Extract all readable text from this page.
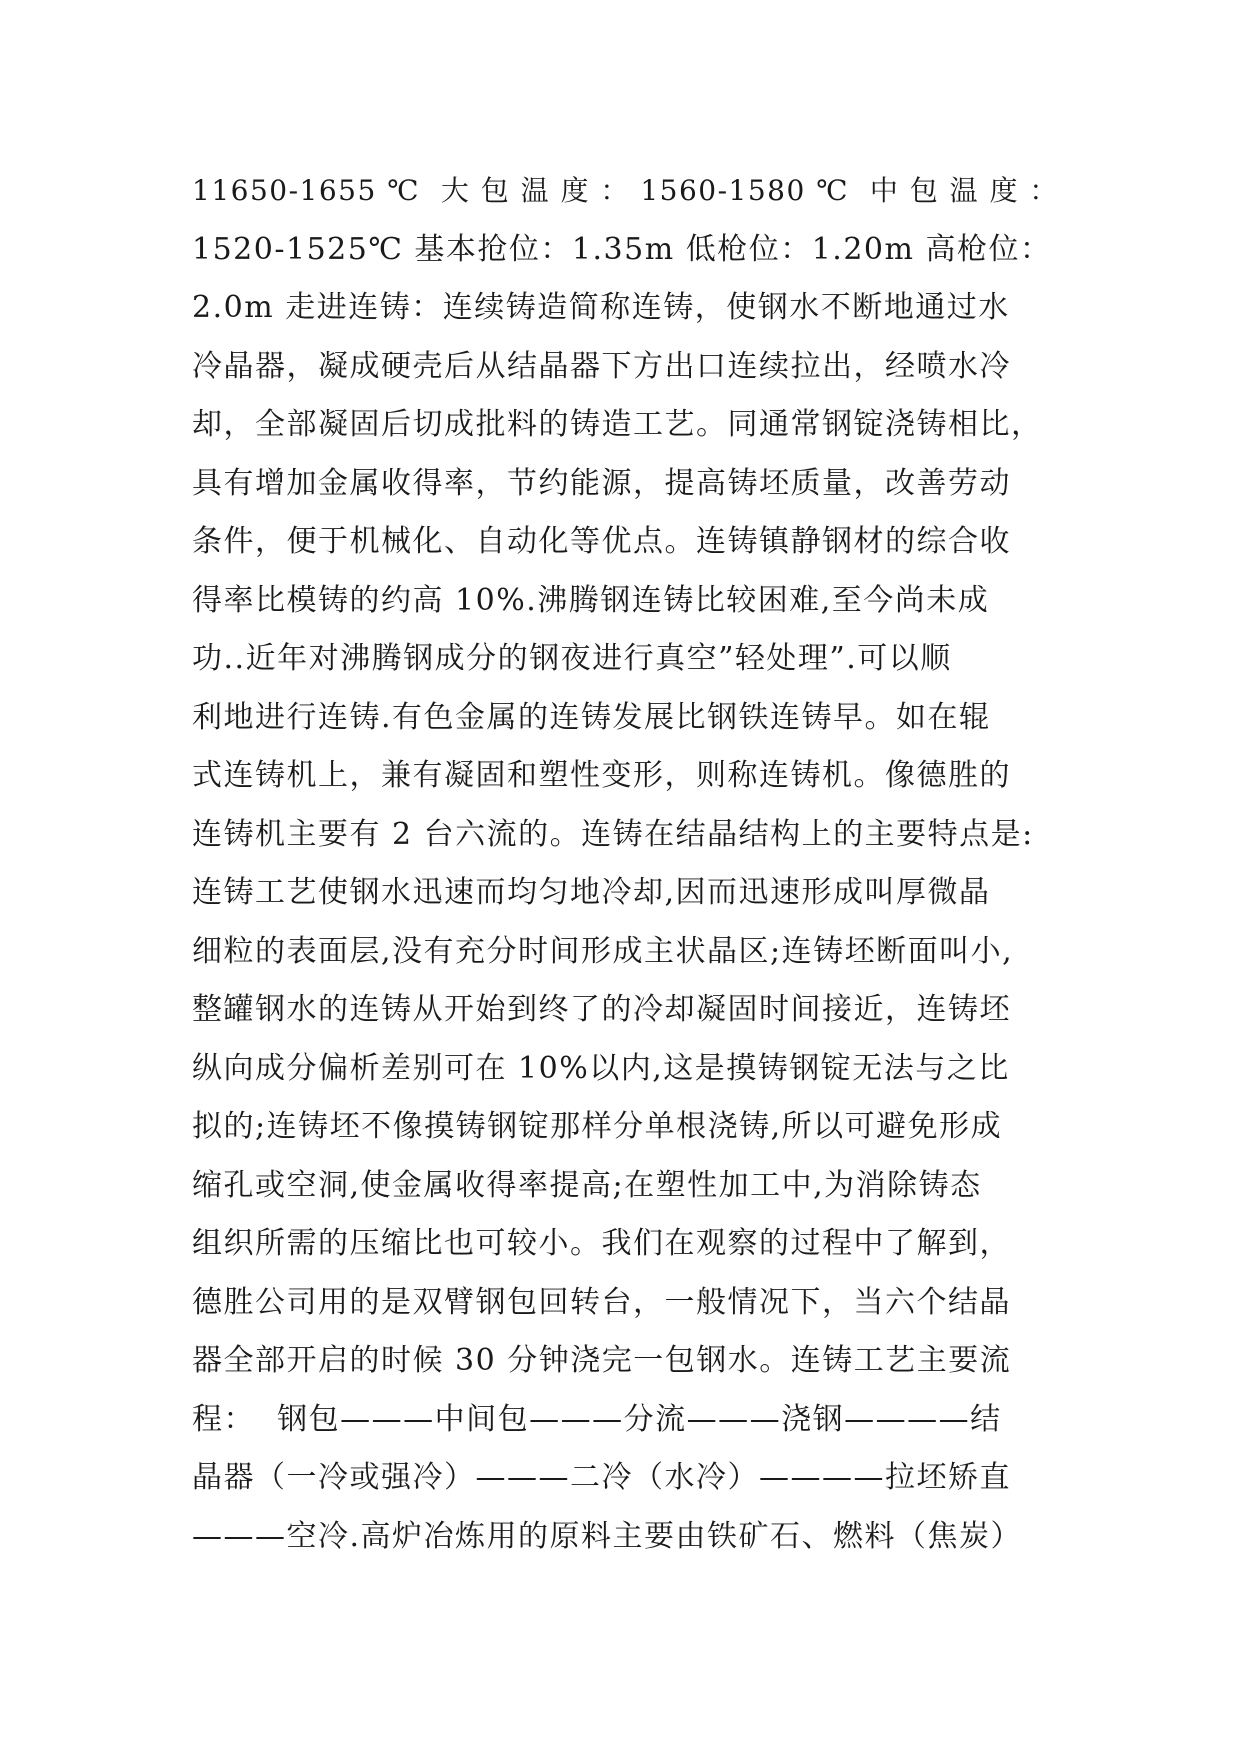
11650-1655 ℃  大 包 温 度 ： 1560-1580 ℃  中 包 温 度 ：
1520-1525℃ 基本抢位：1.35m 低枪位：1.20m 高枪位：
2.0m 走进连铸：连续铸造简称连铸，使钢水不断地通过水
冷晶器，凝成硬壳后从结晶器下方出口连续拉出，经喷水冷
却，全部凝固后切成批料的铸造工艺。同通常钢锭浇铸相比，
具有增加金属收得率，节约能源，提高铸坯质量，改善劳动
条件，便于机械化、自动化等优点。连铸镇静钢材的综合收
得率比模铸的约高 10%.沸腾钢连铸比较困难,至今尚未成
功..近年对沸腾钢成分的钢夜进行真空”轻处理”.可以顺
利地进行连铸.有色金属的连铸发展比钢铁连铸早。如在辊
式连铸机上，兼有凝固和塑性变形，则称连铸机。像德胜的
连铸机主要有 2 台六流的。连铸在结晶结构上的主要特点是:
连铸工艺使钢水迅速而均匀地冷却,因而迅速形成叫厚微晶
细粒的表面层,没有充分时间形成主状晶区;连铸坯断面叫小,
整罐钢水的连铸从开始到终了的冷却凝固时间接近，连铸坯
纵向成分偏析差别可在 10%以内,这是摸铸钢锭无法与之比
拟的;连铸坯不像摸铸钢锭那样分单根浇铸,所以可避免形成
缩孔或空洞,使金属收得率提高;在塑性加工中,为消除铸态
组织所需的压缩比也可较小。我们在观察的过程中了解到，
德胜公司用的是双臂钢包回转台，一般情况下，当六个结晶
器全部开启的时候 30 分钟浇完一包钢水。连铸工艺主要流
程：  钢包———中间包———分流———浇钢————结
晶器（一冷或强冷）———二冷（水冷）————拉坯矫直
———空冷.高炉冶炼用的原料主要由铁矿石、燃料（焦炭）
